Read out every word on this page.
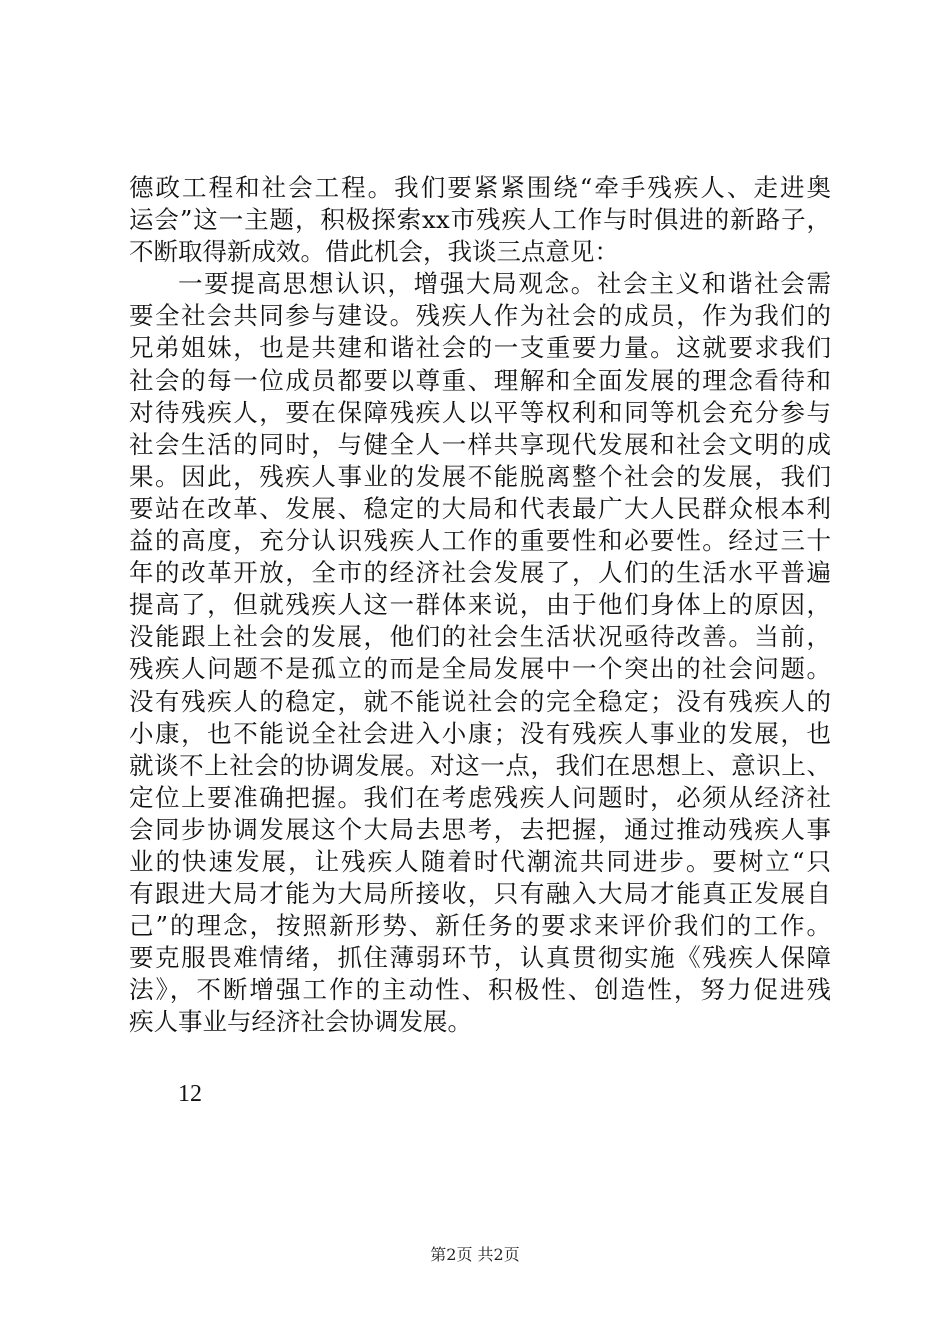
德政工程和社会工程。我们要紧紧围绕“牵手残疾人、走进奥
运会”这一主题，积极探索xx市残疾人工作与时俱进的新路子，
不断取得新成效。借此机会，我谈三点意见：
一要提高思想认识，增强大局观念。社会主义和谐社会需
要全社会共同参与建设。残疾人作为社会的成员，作为我们的
兄弟姐妹，也是共建和谐社会的一支重要力量。这就要求我们
社会的每一位成员都要以尊重、理解和全面发展的理念看待和
对待残疾人，要在保障残疾人以平等权利和同等机会充分参与
社会生活的同时，与健全人一样共享现代发展和社会文明的成
果。因此，残疾人事业的发展不能脱离整个社会的发展，我们
要站在改革、发展、稳定的大局和代表最广大人民群众根本利
益的高度，充分认识残疾人工作的重要性和必要性。经过三十
年的改革开放，全市的经济社会发展了，人们的生活水平普遍
提高了，但就残疾人这一群体来说，由于他们身体上的原因，
没能跟上社会的发展，他们的社会生活状况亟待改善。当前，
残疾人问题不是孤立的而是全局发展中一个突出的社会问题。
没有残疾人的稳定，就不能说社会的完全稳定；没有残疾人的
小康，也不能说全社会进入小康；没有残疾人事业的发展，也
就谈不上社会的协调发展。对这一点，我们在思想上、意识上、
定位上要准确把握。我们在考虑残疾人问题时，必须从经济社
会同步协调发展这个大局去思考，去把握，通过推动残疾人事
业的快速发展，让残疾人随着时代潮流共同进步。要树立“只
有跟进大局才能为大局所接收，只有融入大局才能真正发展自
己”的理念，按照新形势、新任务的要求来评价我们的工作。
要克服畏难情绪，抓住薄弱环节，认真贯彻实施《残疾人保障
法》，不断增强工作的主动性、积极性、创造性，努力促进残
疾人事业与经济社会协调发展。
12
第2页 共2页
